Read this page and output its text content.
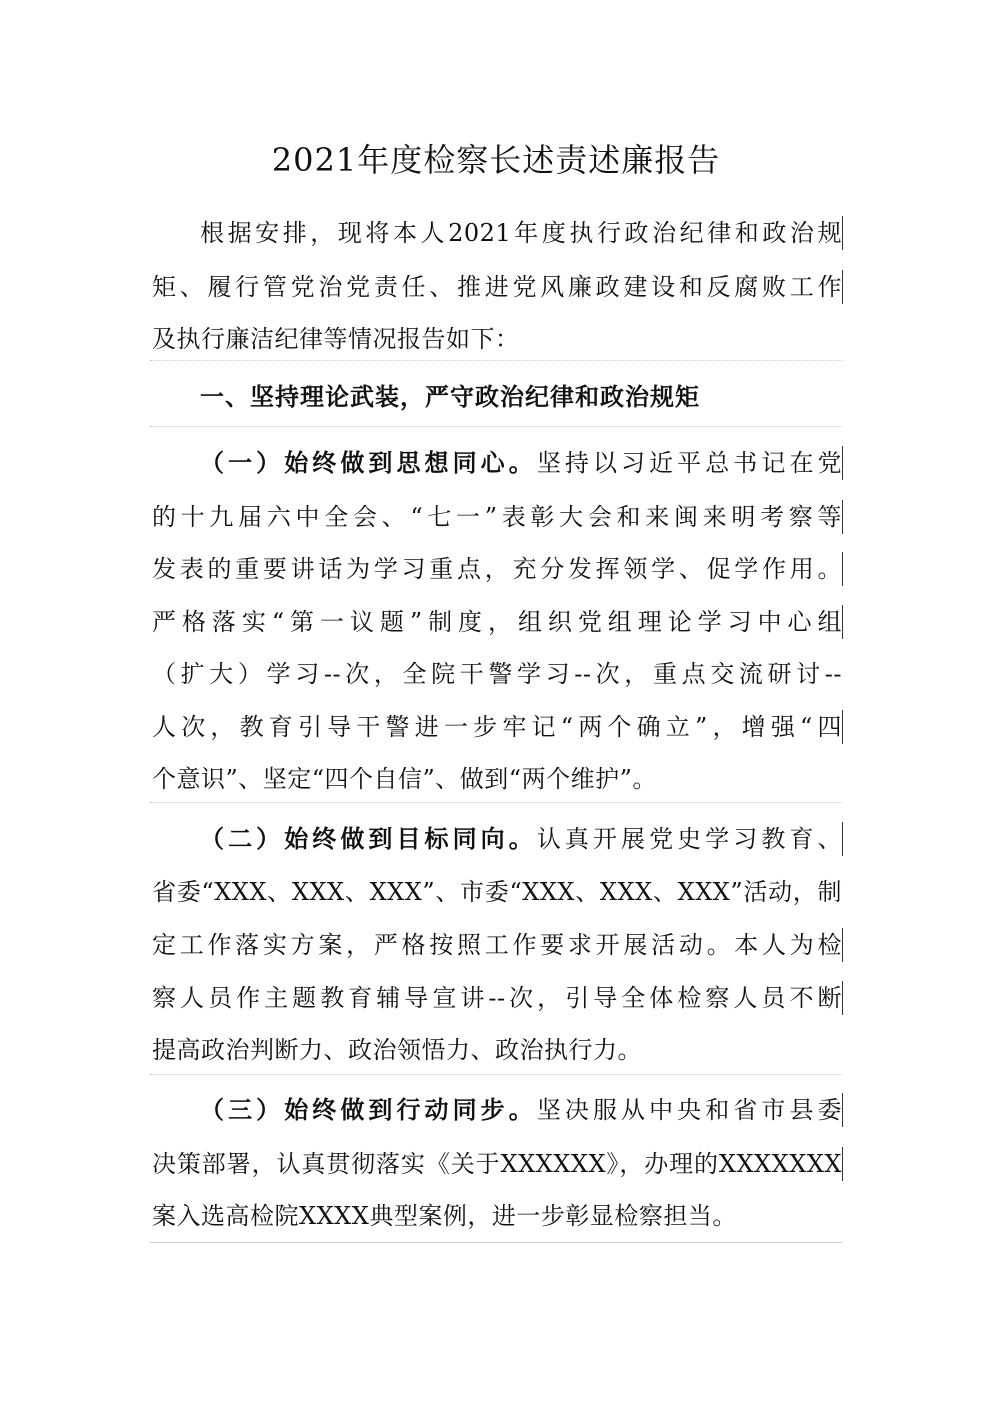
2021年度检察长述责述廉报告
根据安排，现将本人2021年度执行政治纪律和政治规
矩、履行管党治党责任、推进党风廉政建设和反腐败工作
及执行廉洁纪律等情况报告如下：
一、坚持理论武装，严守政治纪律和政治规矩
（一）始终做到思想同心。坚持以习近平总书记在党
的十九届六中全会、“七一”表彰大会和来闽来明考察等
发表的重要讲话为学习重点，充分发挥领学、促学作用。
严格落实“第一议题”制度，组织党组理论学习中心组
（扩大）学习--次，全院干警学习--次，重点交流研讨--
人次，教育引导干警进一步牢记“两个确立”，增强“四
个意识”、坚定“四个自信”、做到“两个维护”。
（二）始终做到目标同向。认真开展党史学习教育、
省委“XXX、XXX、XXX”、市委“XXX、XXX、XXX”活动，制
定工作落实方案，严格按照工作要求开展活动。本人为检
察人员作主题教育辅导宣讲--次，引导全体检察人员不断
提高政治判断力、政治领悟力、政治执行力。
（三）始终做到行动同步。坚决服从中央和省市县委
决策部署，认真贯彻落实《关于XXXXXX》，办理的XXXXXXX
案入选高检院XXXX典型案例，进一步彰显检察担当。
